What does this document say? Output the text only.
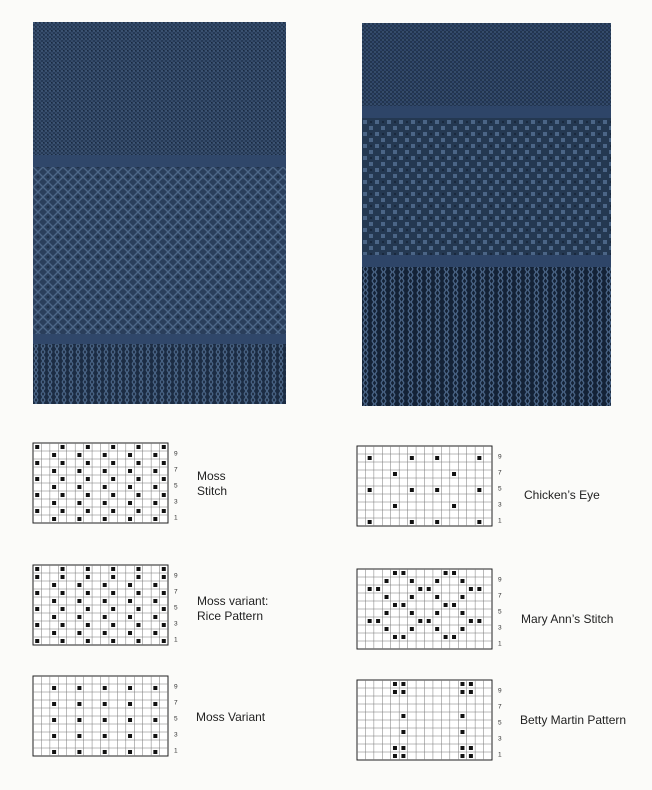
9
7
5
3
1
9
7
5
3
1
9
7
5
3
1
9
7
5
3
1
9
7
5
3
1
9
7
5
3
1
Moss
Stitch
Moss variant:
Rice Pattern
Moss Variant
Chicken’s Eye
Mary Ann’s Stitch
Betty Martin Pattern
